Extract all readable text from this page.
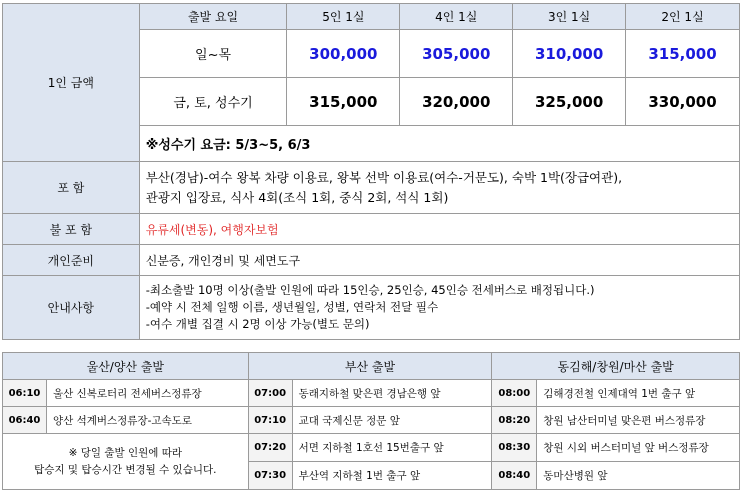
1인 금액	출발 요일	5인 1실	4인 1실	3인 1실	2인 1실
	일~목	300,000	305,000	310,000	315,000
	금, 토, 성수기	315,000	320,000	325,000	330,000
	※성수기 요금: 5/3~5, 6/3				
포 함	부산(경남)-여수 왕복 차량 이용료, 왕복 선박 이용료(여수-거문도), 숙박 1박(장급여관),
관광지 입장료, 식사 4회(조식 1회, 중식 2회, 석식 1회)				

불 포 함	유류세(변동), 여행자보험				
개인준비	신분증, 개인경비 및 세면도구				
안내사항	-최소출발 10명 이상(출발 인원에 따라 15인승, 25인승, 45인승 전세버스로 배정됩니다.)
-예약 시 전체 일행 이름, 생년월일, 성별, 연락처 전달 필수
-여수 개별 집결 시 2명 이상 가능(별도 문의)				
울산/양산 출발		부산 출발		동김해/창원/마산 출발	
06:10	울산 신복로터리 전세버스정류장	07:00	동래지하철 맞은편 경남은행 앞	08:00	김해경전철 인제대역 1번 출구 앞
06:40	양산 석계버스정류장-고속도로	07:10	교대 국제신문 정문 앞	08:20	창원 남산터미널 맞은편 버스정류장

※ 당일 출발 인원에 따라
탑승지 및 탑승시간 변경될 수 있습니다.		07:20	서면 지하철 1호선 15번출구 앞	08:30	창원 시외 버스터미널 앞 버스정류장
		07:30	부산역 지하철 1번 출구 앞	08:40	동마산병원 앞
